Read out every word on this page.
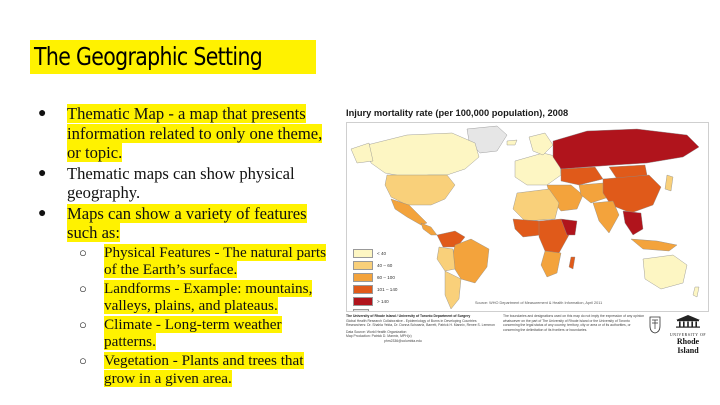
The Geographic Setting
● Thematic Map - a map that presents information related to only one theme, or topic.
● Thematic maps can show physical geography.
● Maps can show a variety of features such as:
○ Physical Features - The natural parts of the Earth’s surface.
○ Landforms - Example: mountains, valleys, plains, and plateaus.
○ Climate - Long-term weather patterns.
○ Vegetation - Plants and trees that grow in a given area.
Injury mortality rate (per 100,000 population), 2008
< 40
40 – 60
60 – 100
101 – 140
> 140	Source: WHO Department of Measurement & Health Information, April 2011
The University of Rhode Island / University of Toronto Department of Surgery
Global Health Research Collaborative - Epidemiology of Burns in Developing Countries
Researchers: Dr. Shahla Yekta, Dr. Donna Schwartz, Barrett, Patrick H. Mannix, Renee S. Lemmon
Data Source: World Health Organization
Map Production: Patrick D. Mannix, MPH(c)
phm2336@columbia.edu
The boundaries and designations used on this map do not imply the expression of any opinion whatsoever on the part of The University of Rhode Island or the University of Toronto concerning the legal status of any country, territory, city or area or of its authorities, or concerning the delimitation of its frontiers or boundaries.
UNIVERSITY OF
Rhode Island
